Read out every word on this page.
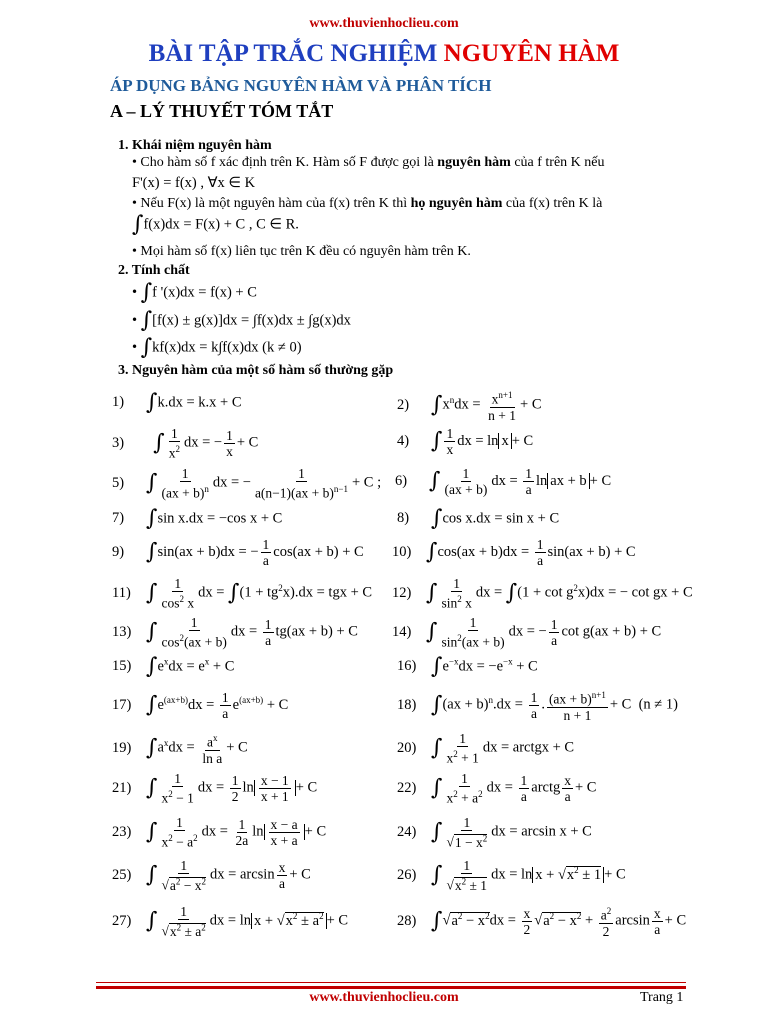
www.thuvienhoclieu.com
BÀI TẬP TRẮC NGHIỆM NGUYÊN HÀM
ÁP DỤNG BẢNG NGUYÊN HÀM VÀ PHÂN TÍCH
A – LÝ THUYẾT TÓM TẮT
1. Khái niệm nguyên hàm
• Cho hàm số f xác định trên K. Hàm số F được gọi là nguyên hàm của f trên K nếu
F'(x) = f(x) , ∀x ∈ K
• Nếu F(x) là một nguyên hàm của f(x) trên K thì họ nguyên hàm của f(x) trên K là
∫f(x)dx = F(x) + C , C ∈ R.
• Mọi hàm số f(x) liên tục trên K đều có nguyên hàm trên K.
2. Tính chất
• ∫f '(x)dx = f(x) + C
• ∫[f(x) ± g(x)]dx = ∫f(x)dx ± ∫g(x)dx
• ∫kf(x)dx = k∫f(x)dx (k ≠ 0)
3. Nguyên hàm của một số hàm số thường gặp
1) ∫k.dx = k.x + C
3) ∫ $\frac{1}{x^2}$ dx = − $\frac{1}{x} + C$
5) ∫ $\frac{1}{(ax + b)^n}$ dx = − $\frac{1}{a(n-1)(ax + b)^{n-1}} + C$ ;
7) ∫sin x.dx = −cos x + C
9) ∫sin(ax + b)dx = − $\frac{1}{a} \cos(ax + b) + C$
11) ∫ $\frac{1}{\cos^2 x}$ dx = $\int(1 + tg^2x).dx$ = tgx + C
13) ∫ $\frac{1}{\cos^2(ax + b)}$ dx = $\frac{1}{a} tg(ax + b) + C$
15) $\int e^xdx = e^x + C$
17) $\int e^{(ax+b)}dx = \frac{1}{a} e^{(ax+b)} + C$
19) $\int a^xdx = \frac{a^x}{\text{ln a}} + C$
21) ∫ $\frac{1}{x^2 - 1}$ dx = $\frac{1}{2}$ $\ln \frac{x - 1}{x + 1} + C$
23) ∫ $\frac{1}{x^2 - a^2}$ dx = $\frac{1}{2a}$ $\ln \frac{x - a}{x + a} + C$
25) ∫ $\frac{1}{√a^2 - x^2}$ dx = $\arcsin \frac{x}{a} + C$
27) ∫ $\frac{1}{√x^2 \pm a^2}$ dx = $\ln x + √x^2 \pm a^2 + C$
2) $\int x^ndx = \frac{x^{n+1}}{n + 1} + C$
4) ∫ $\frac{1}{x}$ dx = ln x + C
6) ∫ $\frac{1}{(ax + b)}$ dx = $\frac{1}{a}$ ln ax + b + C
8) ∫cos x.dx = sin x + C
10) $\int\cos(ax + b)dx = \frac{1}{a} \sin(ax + b) + C$
12) ∫ $\frac{1}{\sin^2 x}$ dx = $\int(1 + \cot g^2x)dx$ = − cot gx + C
14) ∫ $\frac{1}{\sin^2(ax + b)}$ dx = − $\frac{1}{a}$ cot g(ax + b) + C
16) $\int e^{-x}dx = -e^{-x} + C$
18) $\int(ax + b)^n.dx = \frac{1}{a}$ . $\frac{(ax + b)^{n+1}}{n + 1} + C$  (n ≠ 1)
20) ∫ $\frac{1}{x^2 + 1}$ dx = arctgx + C
22) ∫ $\frac{1}{x^2 + a^2}$ dx = $\frac{1}{a}$ arctg $\frac{x}{a} + C$
24) ∫ $\frac{1}{√1 - x^2}$ dx = arcsin x + C
26) ∫ $\frac{1}{√x^2 \pm 1}$ dx = $\ln x + √x^2 \pm 1 + C$
28) $\int√a^2 - x^2dx = \frac{x}{2} √a^2 - x^2 + \frac{a^2}{2}$ $\arcsin \frac{x}{a} + C$
www.thuvienhoclieu.com	Trang 1
